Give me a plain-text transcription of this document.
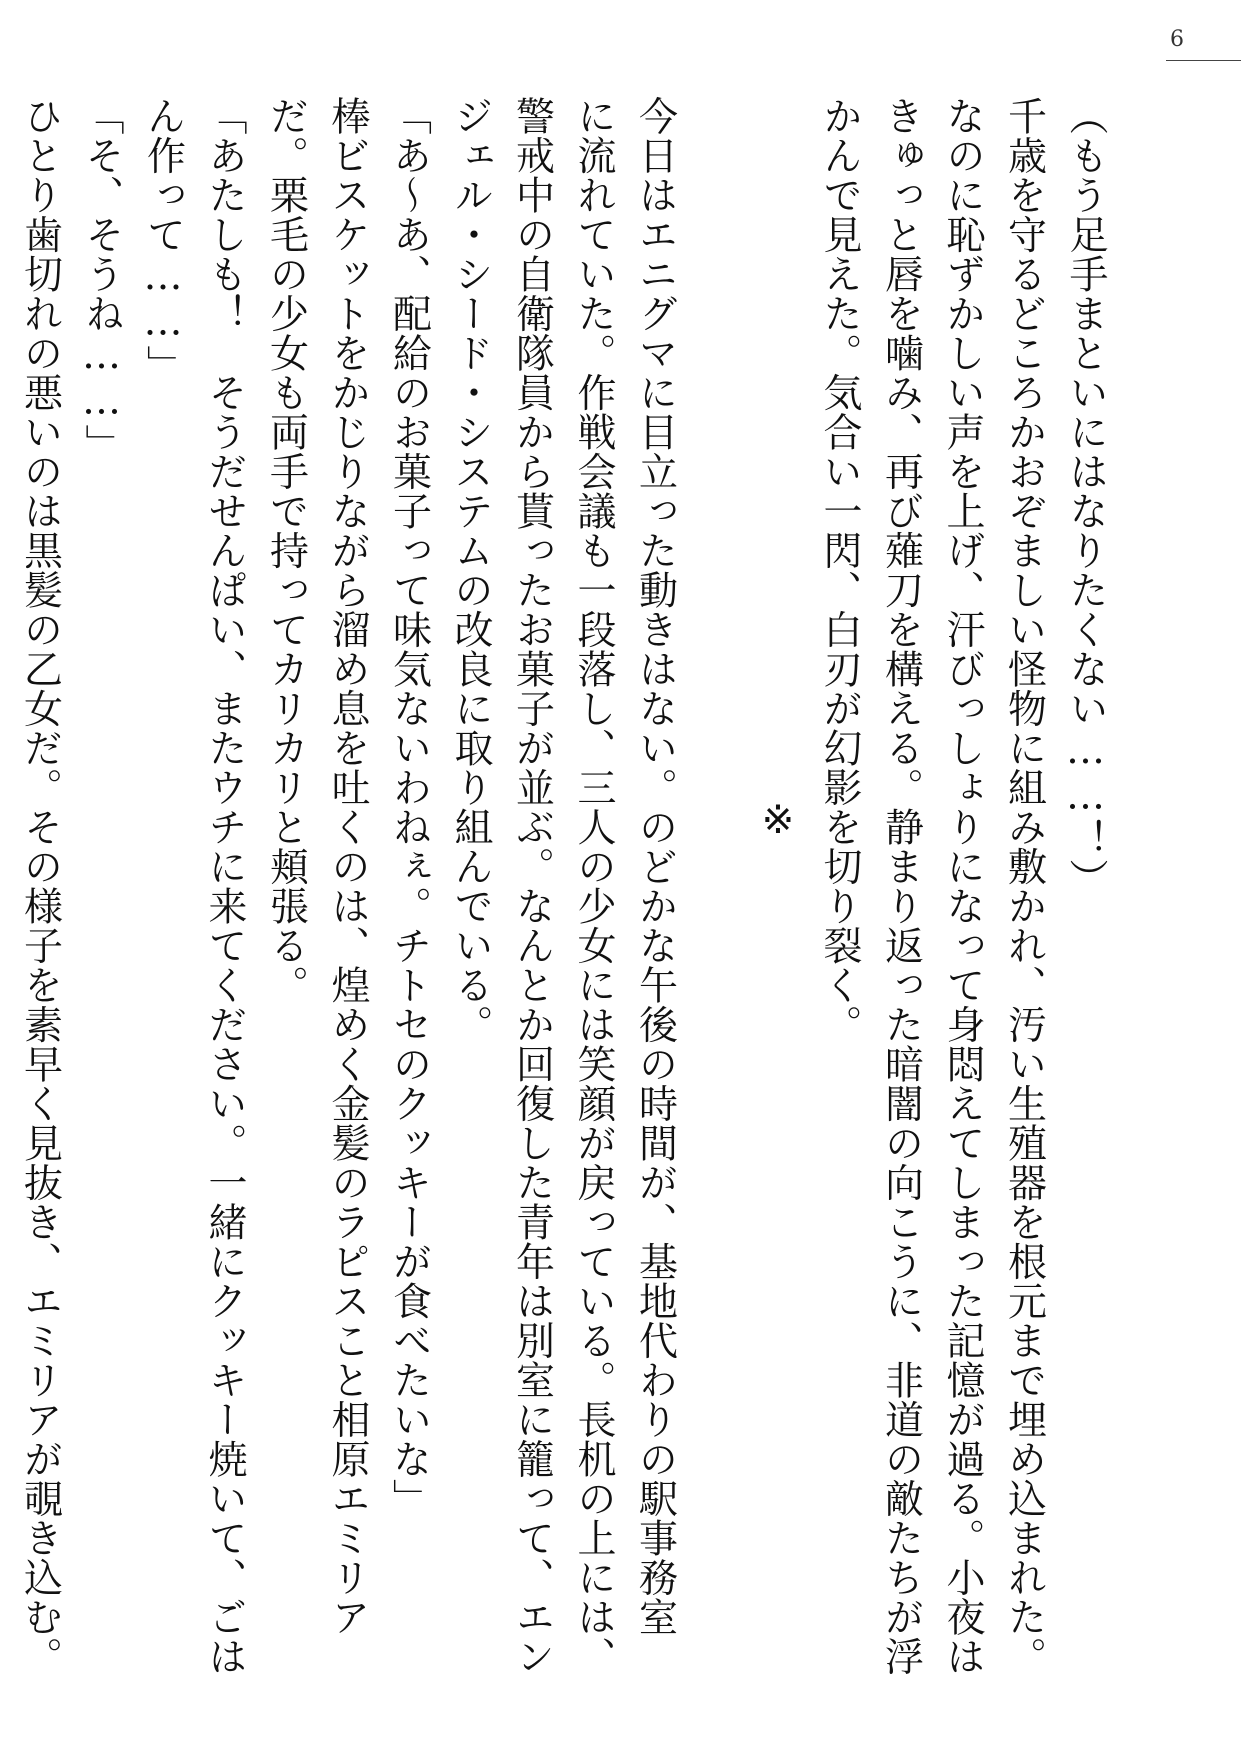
6
（もう足手まといにはなりたくない……！）
千歳を守るどころかおぞましい怪物に組み敷かれ、汚い生殖器を根元まで埋め込まれた。
なのに恥ずかしい声を上げ、汗びっしょりになって身悶えてしまった記憶が過る。小夜は
きゅっと唇を噛み、再び薙刀を構える。静まり返った暗闇の向こうに、非道の敵たちが浮
かんで見えた。気合い一閃、白刃が幻影を切り裂く。
※
今日はエニグマに目立った動きはない。のどかな午後の時間が、基地代わりの駅事務室
に流れていた。作戦会議も一段落し、三人の少女には笑顔が戻っている。長机の上には、
警戒中の自衛隊員から貰ったお菓子が並ぶ。なんとか回復した青年は別室に籠って、エン
ジェル・シード・システムの改良に取り組んでいる。
「あ〜あ、配給のお菓子って味気ないわねぇ。チトセのクッキーが食べたいな」
棒ビスケットをかじりながら溜め息を吐くのは、煌めく金髪のラピスこと相原エミリア
だ。栗毛の少女も両手で持ってカリカリと頬張る。
「あたしも！　そうだせんぱい、またウチに来てください。一緒にクッキー焼いて、ごは
ん作って……」
「そ、そうね……」
ひとり歯切れの悪いのは黒髪の乙女だ。その様子を素早く見抜き、エミリアが覗き込む。
